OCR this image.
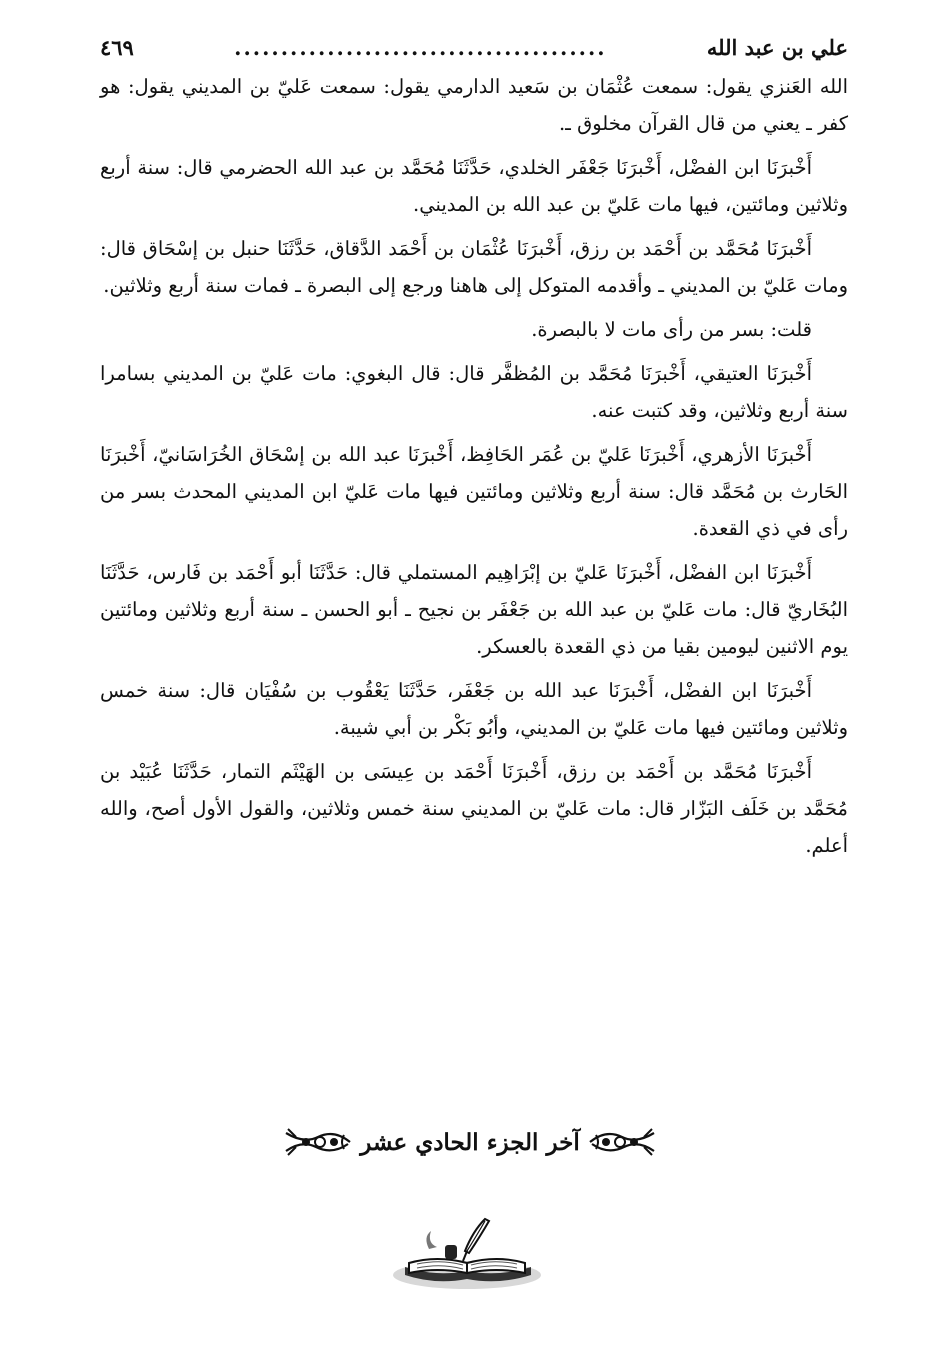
علي بن عبد الله
........................................
٤٦٩

الله العَنزي يقول: سمعت عُثْمَان بن سَعيد الدارمي يقول: سمعت عَليّ بن المديني يقول: هو كفر ـ يعني من قال القرآن مخلوق ـ.

أَخْبرَنَا ابن الفضْل، أَخْبرَنَا جَعْفَر الخلدي، حَدَّثَنَا مُحَمَّد بن عبد الله الحضرمي قال: سنة أربع وثلاثين ومائتين، فيها مات عَليّ بن عبد الله بن المديني.

أَخْبرَنَا مُحَمَّد بن أَحْمَد بن رزق، أَخْبرَنَا عُثْمَان بن أَحْمَد الدَّقاق، حَدَّثَنَا حنبل بن إسْحَاق قال: ومات عَليّ بن المديني ـ وأقدمه المتوكل إلى هاهنا ورجع إلى البصرة ـ فمات سنة أربع وثلاثين.

قلت: بسر من رأى مات لا بالبصرة.

أَخْبرَنَا العتيقي، أَخْبرَنَا مُحَمَّد بن المُظفَّر قال: قال البغوي: مات عَليّ بن المديني بسامرا سنة أربع وثلاثين، وقد كتبت عنه.

أَخْبرَنَا الأزهري، أَخْبرَنَا عَليّ بن عُمَر الحَافِظ، أَخْبرَنَا عبد الله بن إسْحَاق الخُرَاسَانيّ، أَخْبرَنَا الحَارث بن مُحَمَّد قال: سنة أربع وثلاثين ومائتين فيها مات عَليّ ابن المديني المحدث بسر من رأى في ذي القعدة.

أَخْبرَنَا ابن الفضْل، أَخْبرَنَا عَليّ بن إبْرَاهِيم المستملي قال: حَدَّثَنَا أبو أَحْمَد بن فَارس، حَدَّثَنَا البُخَاريّ قال: مات عَليّ بن عبد الله بن جَعْفَر بن نجيح ـ أبو الحسن ـ سنة أربع وثلاثين ومائتين يوم الاثنين ليومين بقيا من ذي القعدة بالعسكر.

أَخْبرَنَا ابن الفضْل، أَخْبرَنَا عبد الله بن جَعْفَر، حَدَّثَنَا يَعْقُوب بن سُفْيَان قال: سنة خمس وثلاثين ومائتين فيها مات عَليّ بن المديني، وأبُو بَكْر بن أبي شيبة.

أَخْبرَنَا مُحَمَّد بن أَحْمَد بن رزق، أَخْبرَنَا أَحْمَد بن عِيسَى بن الهَيْثَم التمار، حَدَّثَنَا عُبَيْد بن مُحَمَّد بن خَلَف البَزّار قال: مات عَليّ بن المديني سنة خمس وثلاثين، والقول الأول أصح، والله أعلم.

آخر الجزء الحادي عشر
